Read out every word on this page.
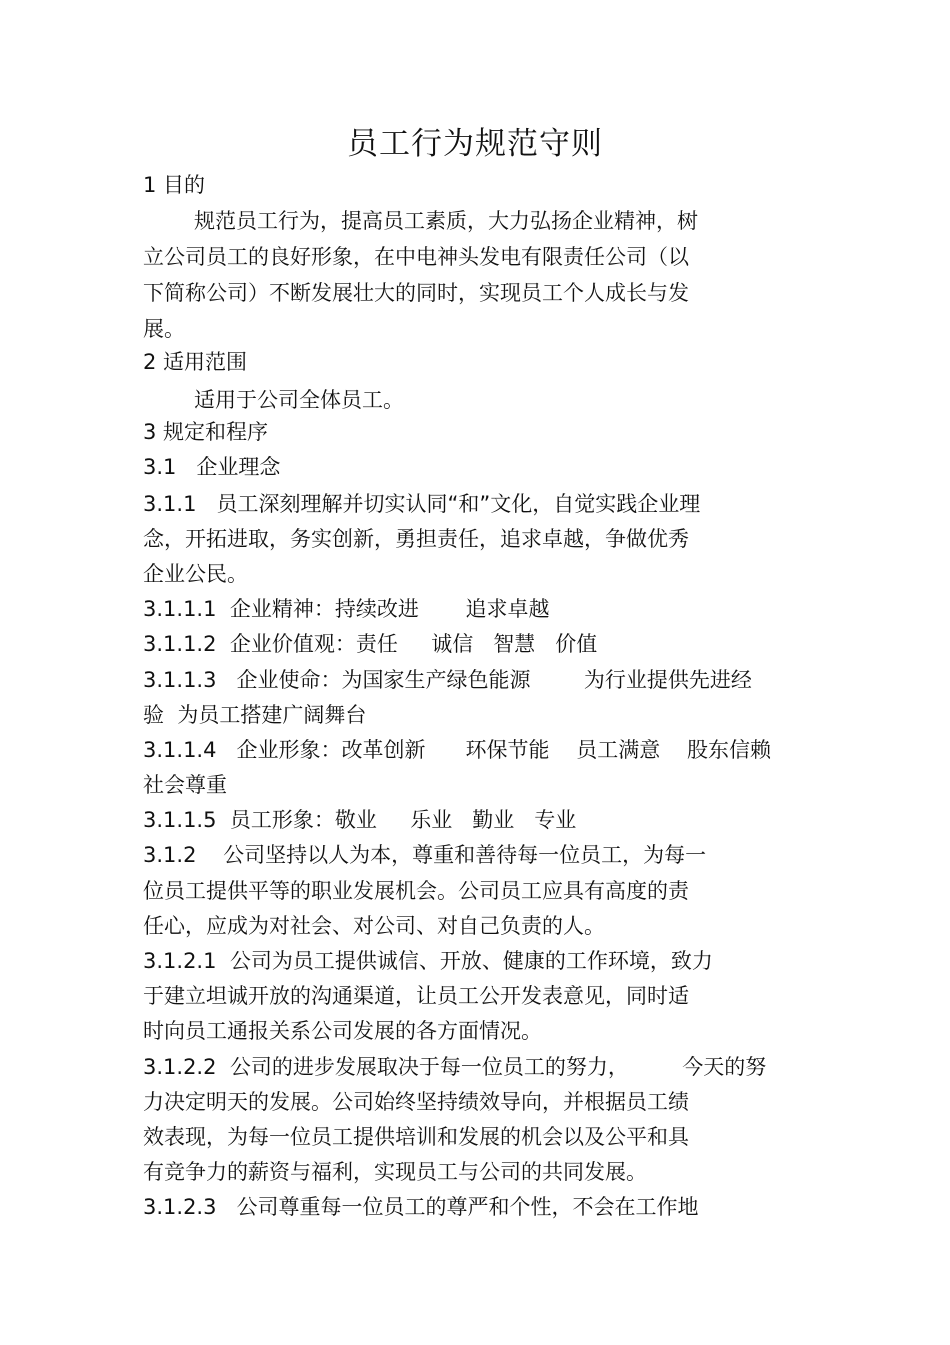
员工行为规范守则
1 目的
规范员工行为，提高员工素质，大力弘扬企业精神，树
立公司员工的良好形象，在中电神头发电有限责任公司（以
下简称公司）不断发展壮大的同时，实现员工个人成长与发
展。
2 适用范围
适用于公司全体员工。
3 规定和程序
3.1   企业理念
3.1.1   员工深刻理解并切实认同“和”文化，自觉实践企业理
念，开拓进取，务实创新，勇担责任，追求卓越，争做优秀
企业公民。
3.1.1.1  企业精神：持续改进       追求卓越
3.1.1.2  企业价值观：责任     诚信   智慧   价值
3.1.1.3   企业使命：为国家生产绿色能源        为行业提供先进经
验  为员工搭建广阔舞台
3.1.1.4   企业形象：改革创新      环保节能    员工满意    股东信赖
社会尊重
3.1.1.5  员工形象：敬业     乐业   勤业   专业
3.1.2    公司坚持以人为本，尊重和善待每一位员工，为每一
位员工提供平等的职业发展机会。公司员工应具有高度的责
任心，应成为对社会、对公司、对自己负责的人。
3.1.2.1  公司为员工提供诚信、开放、健康的工作环境，致力
于建立坦诚开放的沟通渠道，让员工公开发表意见，同时适
时向员工通报关系公司发展的各方面情况。
3.1.2.2  公司的进步发展取决于每一位员工的努力，        今天的努
力决定明天的发展。公司始终坚持绩效导向，并根据员工绩
效表现，为每一位员工提供培训和发展的机会以及公平和具
有竞争力的薪资与福利，实现员工与公司的共同发展。
3.1.2.3   公司尊重每一位员工的尊严和个性，不会在工作地
